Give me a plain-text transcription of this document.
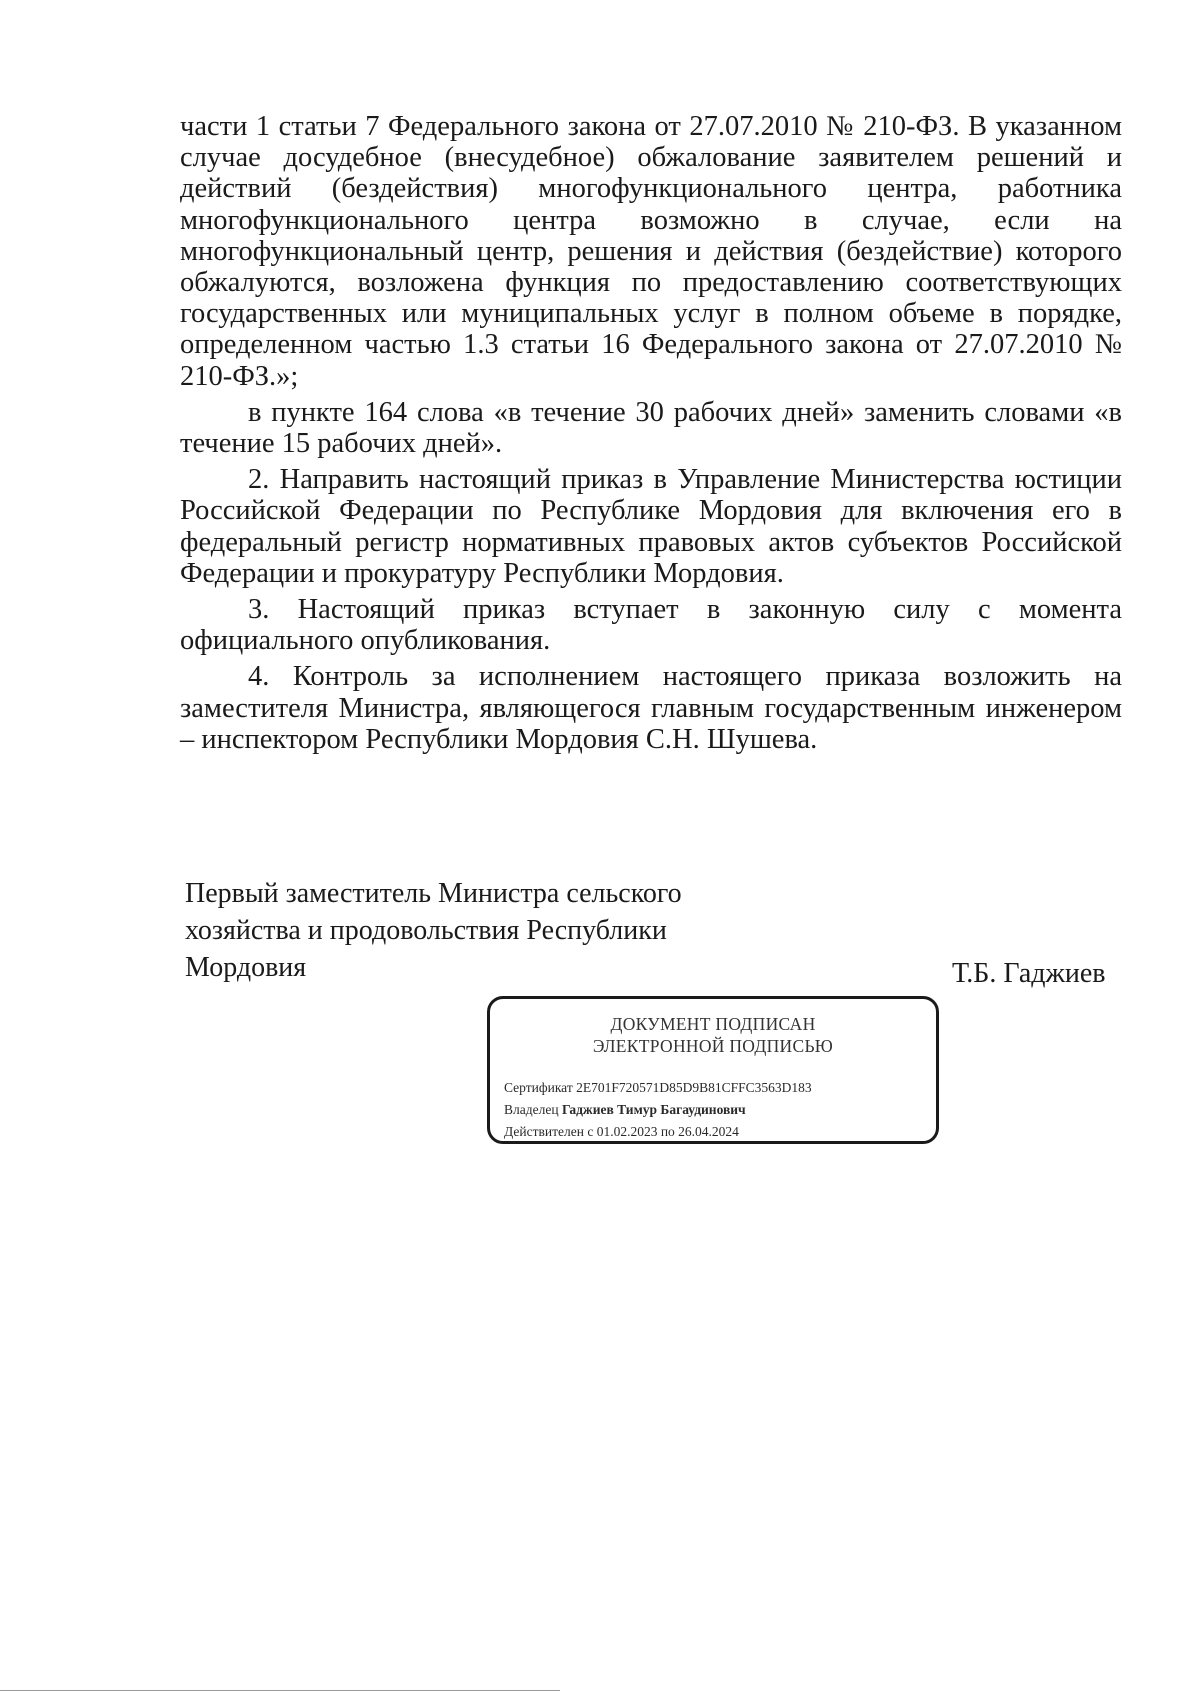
части 1 статьи 7 Федерального закона от 27.07.2010 № 210-ФЗ. В указанном случае досудебное (внесудебное) обжалование заявителем решений и действий (бездействия) многофункционального центра, работника многофункционального центра возможно в случае, если на многофункциональный центр, решения и действия (бездействие) которого обжалуются, возложена функция по предоставлению соответствующих государственных или муниципальных услуг в полном объеме в порядке, определенном частью 1.3 статьи 16 Федерального закона от 27.07.2010 № 210-ФЗ.»;

в пункте 164 слова «в течение 30 рабочих дней» заменить словами «в течение 15 рабочих дней».

2. Направить настоящий приказ в Управление Министерства юстиции Российской Федерации по Республике Мордовия для включения его в федеральный регистр нормативных правовых актов субъектов Российской Федерации и прокуратуру Республики Мордовия.

3. Настоящий приказ вступает в законную силу с момента официального опубликования.

4. Контроль за исполнением настоящего приказа возложить на заместителя Министра, являющегося главным государственным инженером – инспектором Республики Мордовия С.Н. Шушева.

Первый заместитель Министра сельского
хозяйства и продовольствия Республики
Мордовия	Т.Б. Гаджиев
ДОКУМЕНТ ПОДПИСАН
ЭЛЕКТРОННОЙ ПОДПИСЬЮ
Сертификат 2E701F720571D85D9B81CFFC3563D183
Владелец Гаджиев Тимур Багаудинович
Действителен с 01.02.2023 по 26.04.2024
